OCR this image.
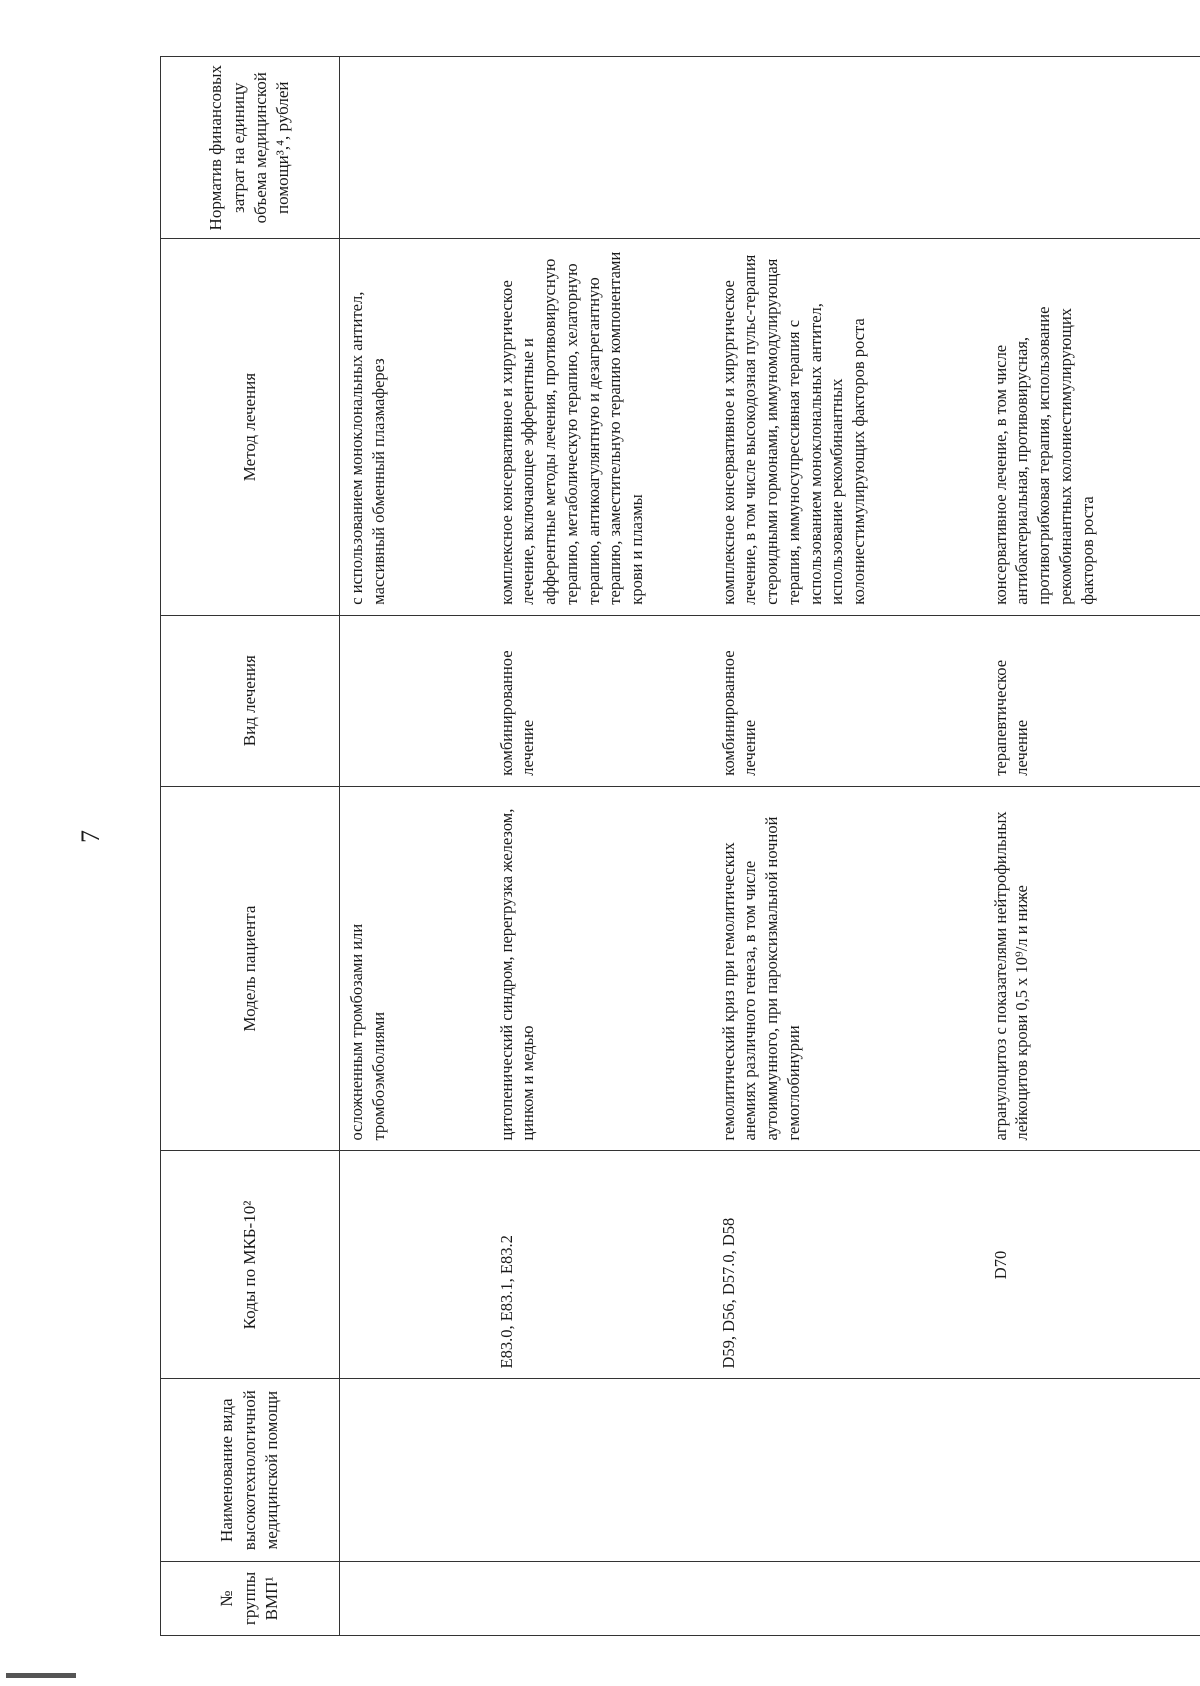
7
№ группы ВМП¹	Наименование вида высокотехнологичной медицинской помощи	Коды по МКБ-10²	Модель пациента	Вид лечения	Метод лечения	Норматив финансовых затрат на единицу объема медицинской помощи³,⁴, рублей
			осложненным тромбозами или тромбоэмболиями		с использованием моноклональных антител, массивный обменный плазмаферез	
		E83.0, E83.1, E83.2	цитопенический синдром, перегрузка железом, цинком и медью	комбинированное лечение	комплексное консервативное и хирургическое лечение, включающее эфферентные и афферентные методы лечения, противовирусную терапию, метаболическую терапию, хелаторную терапию, антикоагулянтную и дезагрегантную терапию, заместительную терапию компонентами крови и плазмы	
		D59, D56, D57.0, D58	гемолитический криз при гемолитических анемиях различного генеза, в том числе аутоиммунного, при пароксизмальной ночной гемоглобинурии	комбинированное лечение	комплексное консервативное и хирургическое лечение, в том числе высокодозная пульс-терапия стероидными гормонами, иммуномодулирующая терапия, иммуносупрессивная терапия с использованием моноклональных антител, использование рекомбинантных колониестимулирующих факторов роста	
		D70	агранулоцитоз с показателями нейтрофильных лейкоцитов крови 0,5 x 10⁹/л и ниже	терапевтическое лечение	консервативное лечение, в том числе антибактериальная, противовирусная, противогрибковая терапия, использование рекомбинантных колониестимулирующих факторов роста	
